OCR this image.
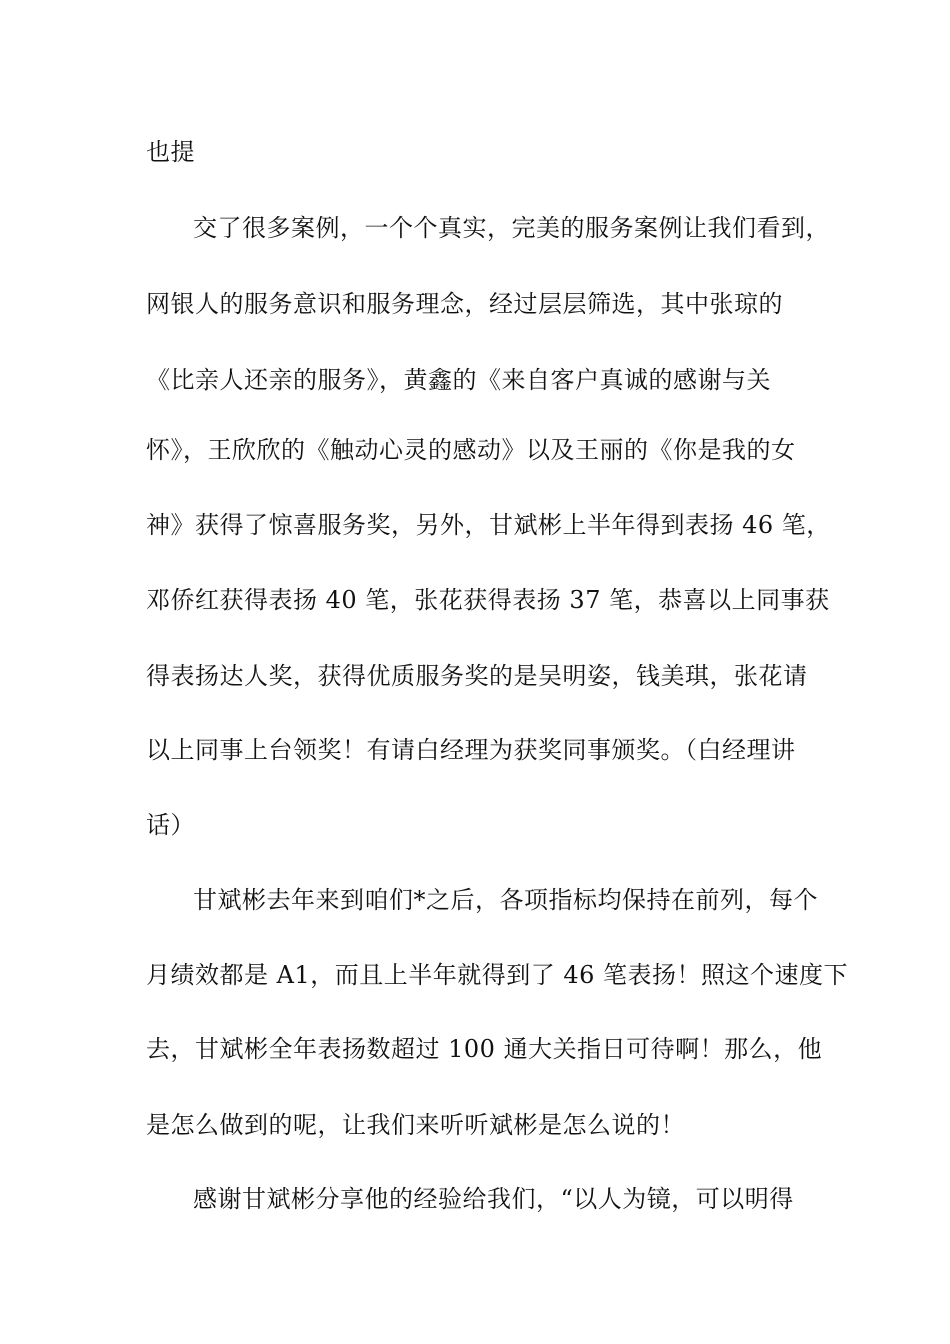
也提
交了很多案例，一个个真实，完美的服务案例让我们看到，
网银人的服务意识和服务理念，经过层层筛选，其中张琼的
《比亲人还亲的服务》，黄鑫的《来自客户真诚的感谢与关
怀》，王欣欣的《触动心灵的感动》以及王丽的《你是我的女
神》获得了惊喜服务奖，另外，甘斌彬上半年得到表扬 46 笔，
邓侨红获得表扬 40 笔，张花获得表扬 37 笔，恭喜以上同事获
得表扬达人奖，获得优质服务奖的是吴明姿，钱美琪，张花请
以上同事上台领奖！有请白经理为获奖同事颁奖。（白经理讲
话）
甘斌彬去年来到咱们*之后，各项指标均保持在前列，每个
月绩效都是 A1，而且上半年就得到了 46 笔表扬！照这个速度下
去，甘斌彬全年表扬数超过 100 通大关指日可待啊！那么，他
是怎么做到的呢，让我们来听听斌彬是怎么说的！
感谢甘斌彬分享他的经验给我们，“以人为镜，可以明得
